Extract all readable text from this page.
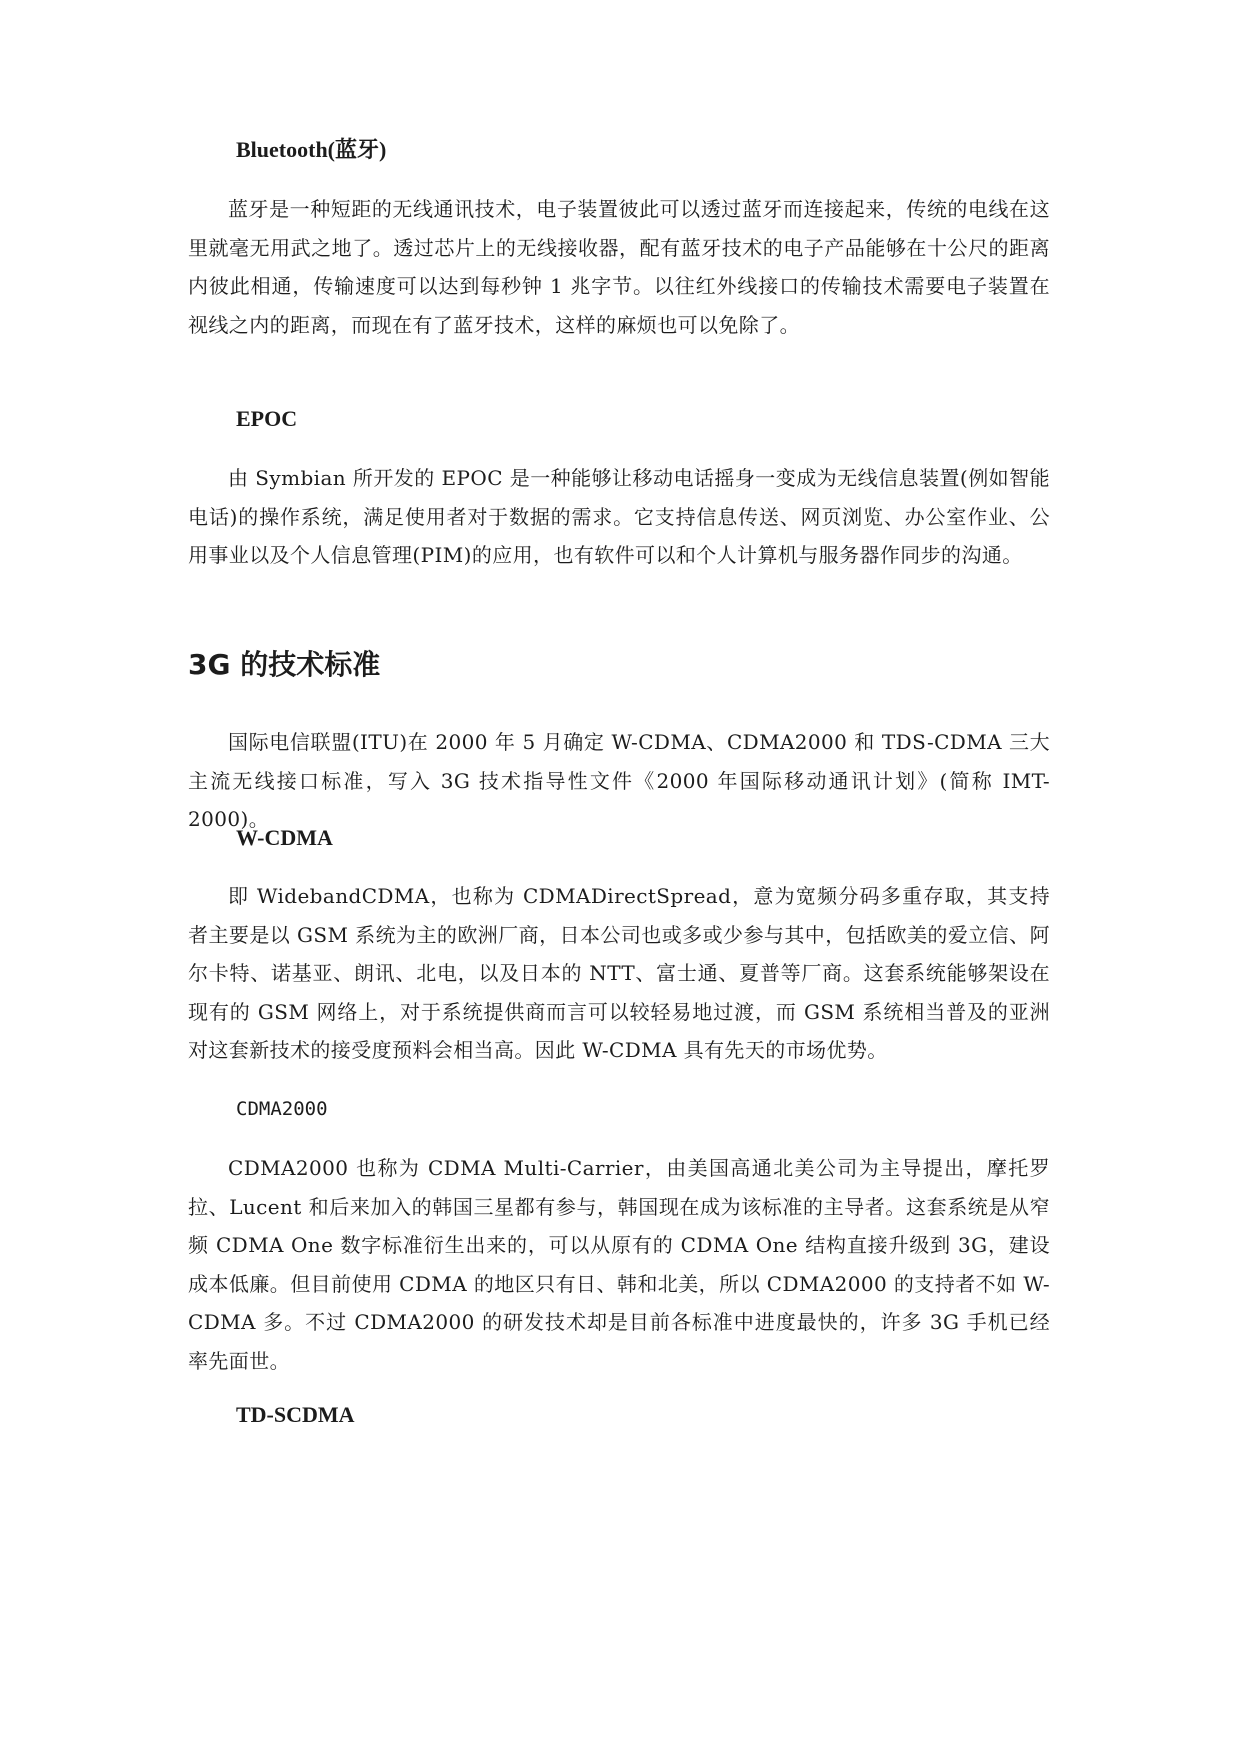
Bluetooth(蓝牙)

蓝牙是一种短距的无线通讯技术，电子装置彼此可以透过蓝牙而连接起来，传统的电线在这里就毫无用武之地了。透过芯片上的无线接收器，配有蓝牙技术的电子产品能够在十公尺的距离内彼此相通，传输速度可以达到每秒钟 1 兆字节。以往红外线接口的传输技术需要电子装置在视线之内的距离，而现在有了蓝牙技术，这样的麻烦也可以免除了。

EPOC

由 Symbian 所开发的 EPOC 是一种能够让移动电话摇身一变成为无线信息装置(例如智能电话)的操作系统，满足使用者对于数据的需求。它支持信息传送、网页浏览、办公室作业、公用事业以及个人信息管理(PIM)的应用，也有软件可以和个人计算机与服务器作同步的沟通。

3G 的技术标准

国际电信联盟(ITU)在 2000 年 5 月确定 W-CDMA、CDMA2000 和 TDS-CDMA 三大主流无线接口标准，写入 3G 技术指导性文件《2000 年国际移动通讯计划》(简称 IMT-2000)。

W-CDMA

即 WidebandCDMA，也称为 CDMADirectSpread，意为宽频分码多重存取，其支持者主要是以 GSM 系统为主的欧洲厂商，日本公司也或多或少参与其中，包括欧美的爱立信、阿尔卡特、诺基亚、朗讯、北电，以及日本的 NTT、富士通、夏普等厂商。这套系统能够架设在现有的 GSM 网络上，对于系统提供商而言可以较轻易地过渡，而 GSM 系统相当普及的亚洲对这套新技术的接受度预料会相当高。因此 W-CDMA 具有先天的市场优势。

CDMA2000

CDMA2000 也称为 CDMA Multi-Carrier，由美国高通北美公司为主导提出，摩托罗拉、Lucent 和后来加入的韩国三星都有参与，韩国现在成为该标准的主导者。这套系统是从窄频 CDMA One 数字标准衍生出来的，可以从原有的 CDMA One 结构直接升级到 3G，建设成本低廉。但目前使用 CDMA 的地区只有日、韩和北美，所以 CDMA2000 的支持者不如 W-CDMA 多。不过 CDMA2000 的研发技术却是目前各标准中进度最快的，许多 3G 手机已经率先面世。

TD-SCDMA
